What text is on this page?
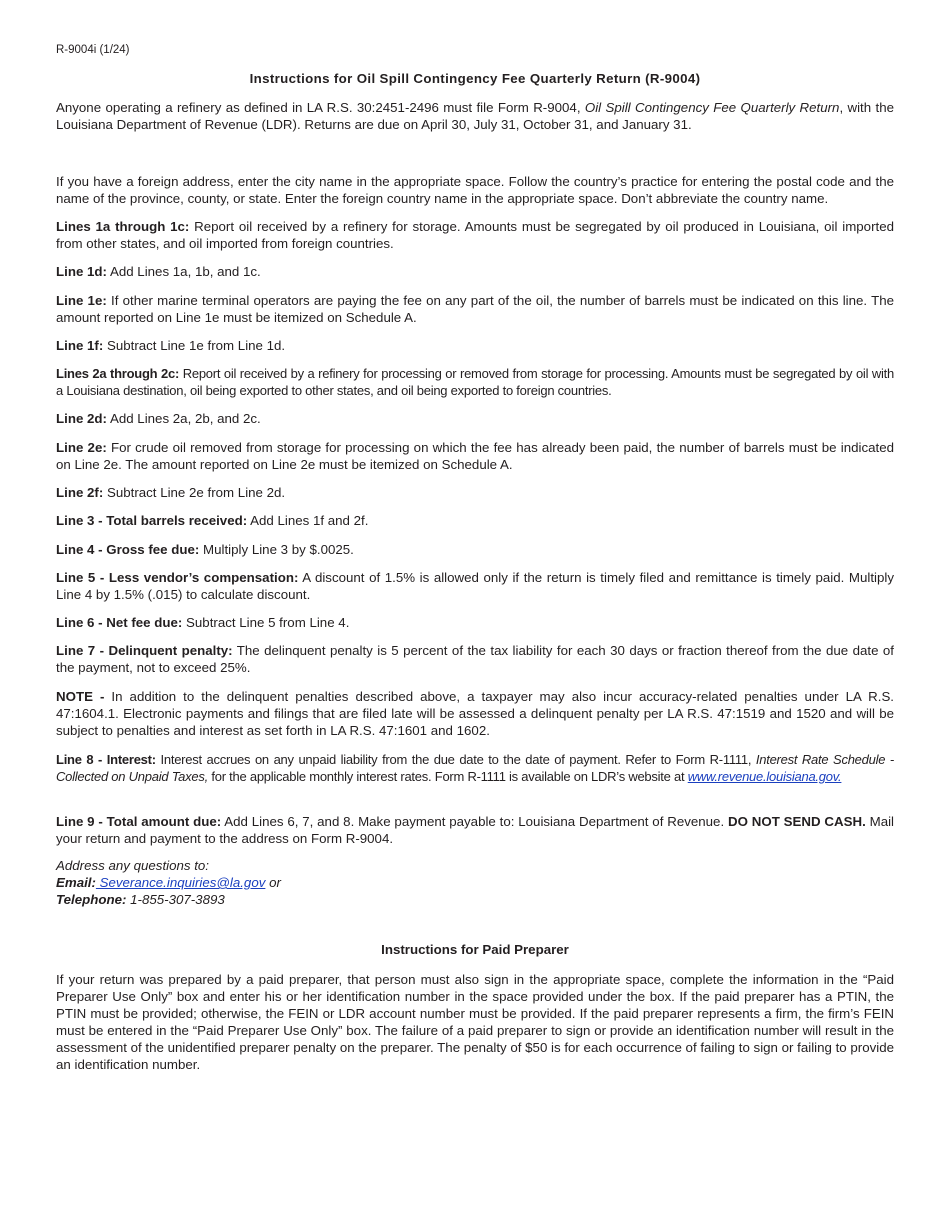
R-9004i (1/24)
Instructions for Oil Spill Contingency Fee Quarterly Return (R-9004)

Anyone operating a refinery as defined in LA R.S. 30:2451-2496 must file Form R-9004, Oil Spill Contingency Fee Quarterly Return, with the Louisiana Department of Revenue (LDR). Returns are due on April 30, July 31, October 31, and January 31.

If you have a foreign address, enter the city name in the appropriate space. Follow the country’s practice for entering the postal code and the name of the province, county, or state. Enter the foreign country name in the appropriate space. Don’t abbreviate the country name.

Lines 1a through 1c: Report oil received by a refinery for storage. Amounts must be segregated by oil produced in Louisiana, oil imported from other states, and oil imported from foreign countries.

Line 1d: Add Lines 1a, 1b, and 1c.

Line 1e: If other marine terminal operators are paying the fee on any part of the oil, the number of barrels must be indicated on this line. The amount reported on Line 1e must be itemized on Schedule A.

Line 1f: Subtract Line 1e from Line 1d.

Lines 2a through 2c: Report oil received by a refinery for processing or removed from storage for processing. Amounts must be segregated by oil with a Louisiana destination, oil being exported to other states, and oil being exported to foreign countries.

Line 2d: Add Lines 2a, 2b, and 2c.

Line 2e: For crude oil removed from storage for processing on which the fee has already been paid, the number of barrels must be indicated on Line 2e. The amount reported on Line 2e must be itemized on Schedule A.

Line 2f: Subtract Line 2e from Line 2d.

Line 3 - Total barrels received: Add Lines 1f and 2f.

Line 4 - Gross fee due: Multiply Line 3 by $.0025.

Line 5 - Less vendor’s compensation: A discount of 1.5% is allowed only if the return is timely filed and remittance is timely paid. Multiply Line 4 by 1.5% (.015) to calculate discount.

Line 6 - Net fee due: Subtract Line 5 from Line 4.

Line 7 - Delinquent penalty: The delinquent penalty is 5 percent of the tax liability for each 30 days or fraction thereof from the due date of the payment, not to exceed 25%.

NOTE - In addition to the delinquent penalties described above, a taxpayer may also incur accuracy-related penalties under LA R.S. 47:1604.1. Electronic payments and filings that are filed late will be assessed a delinquent penalty per LA R.S. 47:1519 and 1520 and will be subject to penalties and interest as set forth in LA R.S. 47:1601 and 1602.

Line 8 - Interest: Interest accrues on any unpaid liability from the due date to the date of payment. Refer to Form R-1111, Interest Rate Schedule - Collected on Unpaid Taxes, for the applicable monthly interest rates. Form R-1111 is available on LDR’s website at www.revenue.louisiana.gov.

Line 9 - Total amount due: Add Lines 6, 7, and 8. Make payment payable to: Louisiana Department of Revenue. DO NOT SEND CASH. Mail your return and payment to the address on Form R-9004.

Address any questions to:
Email: Severance.inquiries@la.gov or
Telephone: 1-855-307-3893
Instructions for Paid Preparer

If your return was prepared by a paid preparer, that person must also sign in the appropriate space, complete the information in the “Paid Preparer Use Only” box and enter his or her identification number in the space provided under the box. If the paid preparer has a PTIN, the PTIN must be provided; otherwise, the FEIN or LDR account number must be provided. If the paid preparer represents a firm, the firm’s FEIN must be entered in the “Paid Preparer Use Only” box. The failure of a paid preparer to sign or provide an identification number will result in the assessment of the unidentified preparer penalty on the preparer. The penalty of $50 is for each occurrence of failing to sign or failing to provide an identification number.
